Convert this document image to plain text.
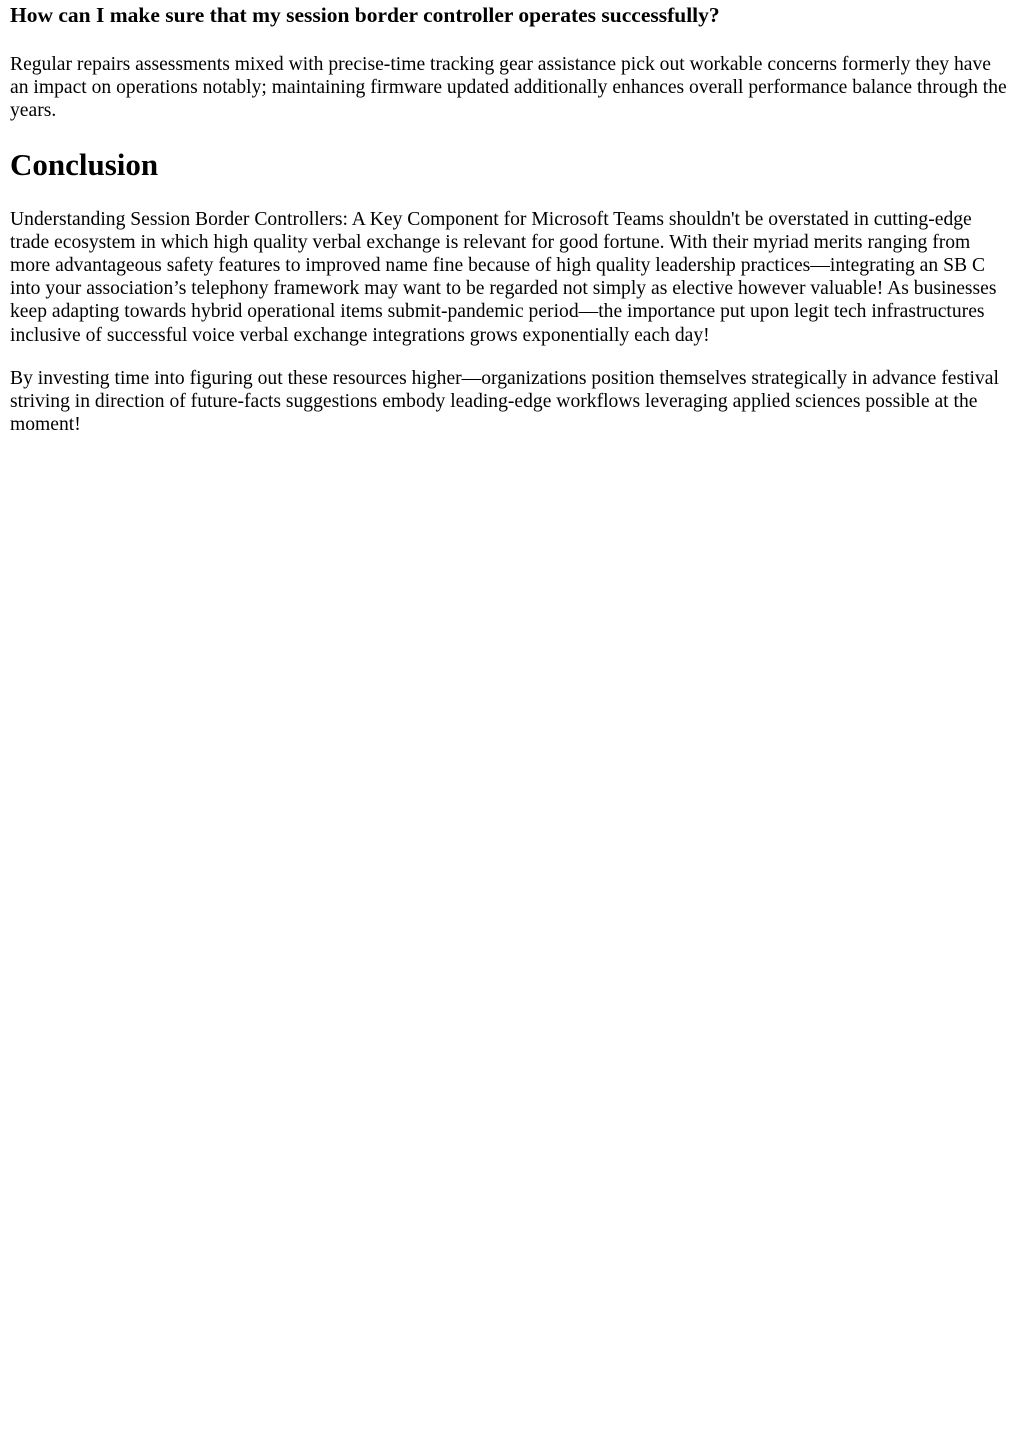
How can I make sure that my session border controller operates successfully?

Regular repairs assessments mixed with precise-time tracking gear assistance pick out workable concerns formerly they have an impact on operations notably; maintaining firmware updated additionally enhances overall performance balance through the years.

Conclusion

Understanding Session Border Controllers: A Key Component for Microsoft Teams shouldn't be overstated in cutting-edge trade ecosystem in which high quality verbal exchange is relevant for good fortune. With their myriad merits ranging from more advantageous safety features to improved name fine because of high quality leadership practices—integrating an SB C into your association’s telephony framework may want to be regarded not simply as elective however valuable! As businesses keep adapting towards hybrid operational items submit-pandemic period—the importance put upon legit tech infrastructures inclusive of successful voice verbal exchange integrations grows exponentially each day!

By investing time into figuring out these resources higher—organizations position themselves strategically in advance festival striving in direction of future-facts suggestions embody leading-edge workflows leveraging applied sciences possible at the moment!
